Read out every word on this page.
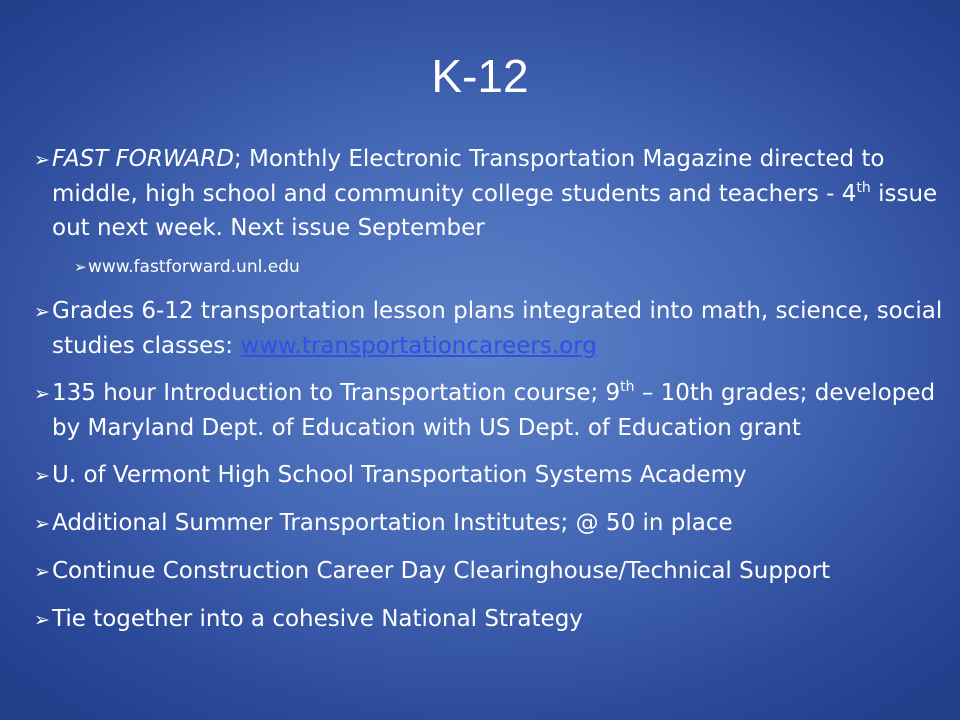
K-12
➢FAST FORWARD; Monthly Electronic Transportation Magazine directed to middle, high school and community college students and teachers - 4th issue out next week. Next issue September
➢www.fastforward.unl.edu
➢Grades 6-12 transportation lesson plans integrated into math, science, social studies classes: www.transportationcareers.org
➢135 hour Introduction to Transportation course; 9th – 10th grades; developed by Maryland Dept. of Education with US Dept. of Education grant
➢U. of Vermont High School Transportation Systems Academy
➢Additional Summer Transportation Institutes; @ 50 in place
➢Continue Construction Career Day Clearinghouse/Technical Support
➢Tie together into a cohesive National Strategy
